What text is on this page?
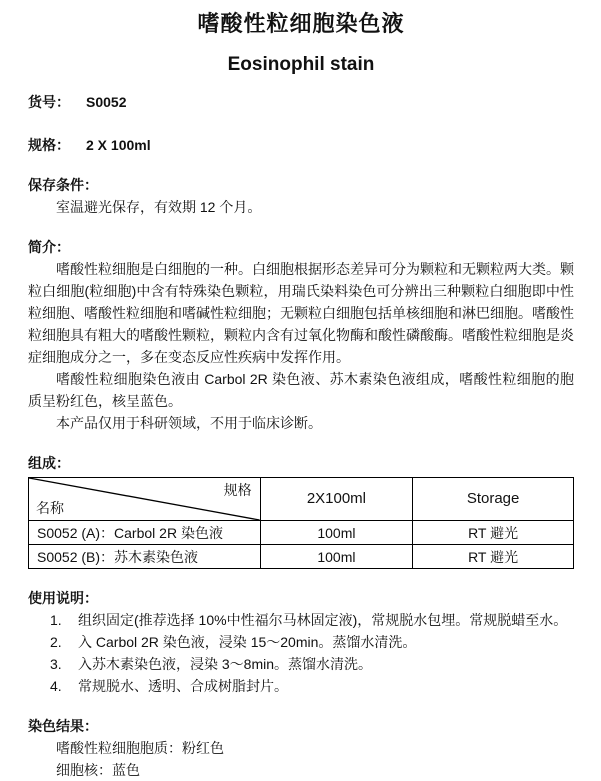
嗜酸性粒细胞染色液
Eosinophil stain
货号： S0052
规格： 2 X 100ml
保存条件：
室温避光保存，有效期 12 个月。
简介：

嗜酸性粒细胞是白细胞的一种。白细胞根据形态差异可分为颗粒和无颗粒两大类。颗粒白细胞(粒细胞)中含有特殊染色颗粒，用瑞氏染料染色可分辨出三种颗粒白细胞即中性粒细胞、嗜酸性粒细胞和嗜碱性粒细胞；无颗粒白细胞包括单核细胞和淋巴细胞。嗜酸性粒细胞具有粗大的嗜酸性颗粒，颗粒内含有过氧化物酶和酸性磷酸酶。嗜酸性粒细胞是炎症细胞成分之一，多在变态反应性疾病中发挥作用。

嗜酸性粒细胞染色液由 Carbol 2R 染色液、苏木素染色液组成，嗜酸性粒细胞的胞质呈粉红色，核呈蓝色。

本产品仅用于科研领域，不用于临床诊断。

组成：
规格
名称	2X100ml	Storage
S0052 (A)：Carbol 2R 染色液	100ml	RT 避光
S0052 (B)：苏木素染色液	100ml	RT 避光
使用说明：
1.	组织固定(推荐选择 10%中性福尔马林固定液)，常规脱水包埋。常规脱蜡至水。
2.	入 Carbol 2R 染色液，浸染 15～20min。蒸馏水清洗。
3.	入苏木素染色液，浸染 3～8min。蒸馏水清洗。
4.	常规脱水、透明、合成树脂封片。
染色结果：
嗜酸性粒细胞胞质：粉红色
细胞核：蓝色
